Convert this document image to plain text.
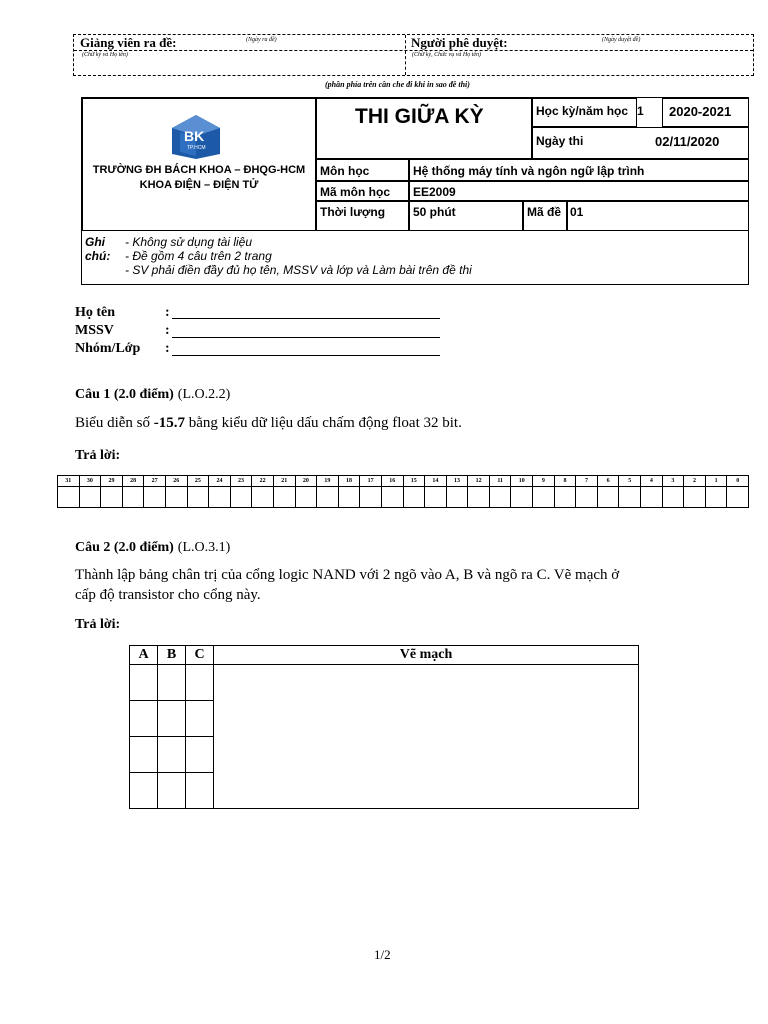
Giảng viên ra đề:	(Ngày ra đề)
(Chữ ký và Họ tên)
Người phê duyệt:	(Ngày duyệt đề)
(Chữ ký, Chức vụ và Họ tên)
(phần phía trên cần che đi khi in sao đề thi)
BK
TP.HCM
TRƯỜNG ĐH BÁCH KHOA – ĐHQG-HCM
KHOA ĐIỆN – ĐIỆN TỬ
THI GIỮA KỲ	Học kỳ/năm học 1 2020-2021
Ngày thi	02/11/2020
Môn học	Hệ thống máy tính và ngôn ngữ lập trình
Mã môn học EE2009
Thời lượng 50 phút	Mã đề 01
Ghi
chú:
- Không sử dụng tài liệu
- Đề gồm 4 câu trên 2 trang
- SV phải điền đầy đủ họ tên, MSSV và lớp và Làm bài trên đề thi
Họ tên	:
MSSV	:
Nhóm/Lớp :
Câu 1 (2.0 điểm) (L.O.2.2)
Biểu diễn số -15.7 bằng kiểu dữ liệu dấu chấm động float 32 bit.
Trả lời:
31	30	29	28	27	26	25	24	23	22	21	20	19	18	17	16	15	14	13	12	11	10	9	8	7	6	5	4	3	2	1	0

Câu 2 (2.0 điểm) (L.O.3.1)
Thành lập bảng chân trị của cổng logic NAND với 2 ngõ vào A, B và ngõ ra C. Vẽ mạch ở
cấp độ transistor cho cổng này.
Trả lời:
A	B	C	Vẽ mạch

1/2
